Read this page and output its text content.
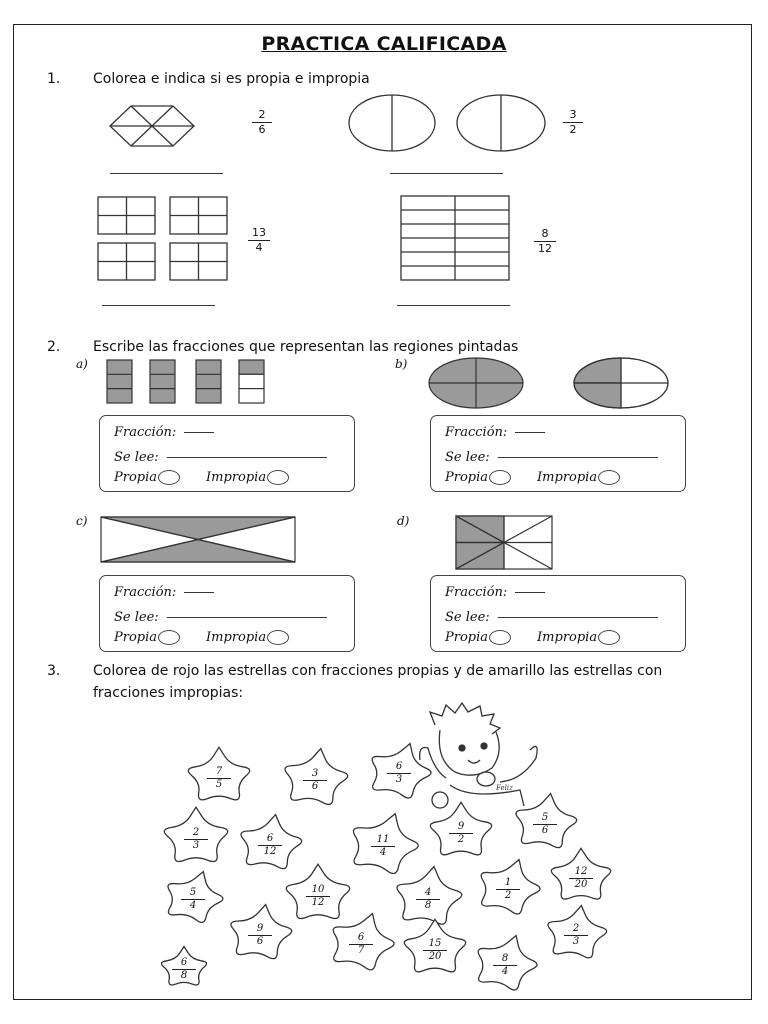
PRACTICA CALIFICADA
1. Colorea e indica si es propia e impropia
2
6
3
2
13
4
8
12
2. Escribe las fracciones que representan las regiones pintadas
a)	b)
c)	d)
Fracción:
Se lee:
Propia	Impropia
Fracción:
Se lee:
Propia	Impropia
Fracción:
Se lee:
Propia	Impropia
Fracción:
Se lee:
Propia	Impropia
3. Colorea de rojo las estrellas con fracciones propias y de amarillo las estrellas con fracciones impropias:
Feliz
7
5
3
6
6
3
2
3
6
12
11
4
9
2
5
6
5
4
10
12
4
8
1
2
12
20
9
6	6
7
15
20
2
3
8
4
6
8
